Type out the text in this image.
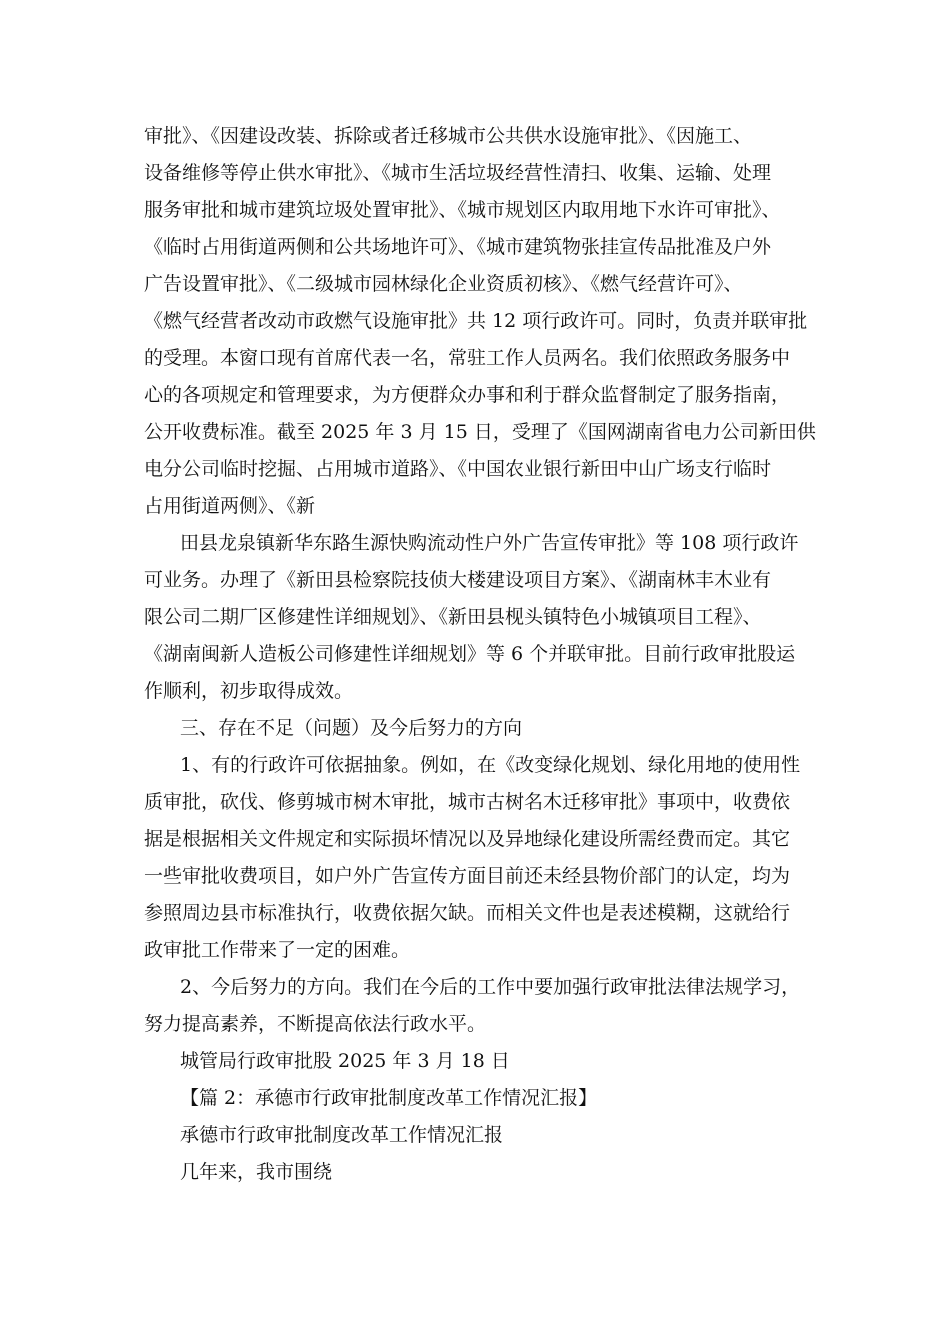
审批》、《因建设改装、拆除或者迁移城市公共供水设施审批》、《因施工、
设备维修等停止供水审批》、《城市生活垃圾经营性清扫、收集、运输、处理
服务审批和城市建筑垃圾处置审批》、《城市规划区内取用地下水许可审批》、
《临时占用街道两侧和公共场地许可》、《城市建筑物张挂宣传品批准及户外
广告设置审批》、《二级城市园林绿化企业资质初核》、《燃气经营许可》、
《燃气经营者改动市政燃气设施审批》共 12 项行政许可。同时，负责并联审批
的受理。本窗口现有首席代表一名，常驻工作人员两名。我们依照政务服务中
心的各项规定和管理要求，为方便群众办事和利于群众监督制定了服务指南，
公开收费标准。截至 2025 年 3 月 15 日，受理了《国网湖南省电力公司新田供
电分公司临时挖掘、占用城市道路》、《中国农业银行新田中山广场支行临时
占用街道两侧》、《新
田县龙泉镇新华东路生源快购流动性户外广告宣传审批》等 108 项行政许
可业务。办理了《新田县检察院技侦大楼建设项目方案》、《湖南林丰木业有
限公司二期厂区修建性详细规划》、《新田县枧头镇特色小城镇项目工程》、
《湖南闽新人造板公司修建性详细规划》等 6 个并联审批。目前行政审批股运
作顺利，初步取得成效。
三、存在不足（问题）及今后努力的方向
1、有的行政许可依据抽象。例如，在《改变绿化规划、绿化用地的使用性
质审批，砍伐、修剪城市树木审批，城市古树名木迁移审批》事项中，收费依
据是根据相关文件规定和实际损坏情况以及异地绿化建设所需经费而定。其它
一些审批收费项目，如户外广告宣传方面目前还未经县物价部门的认定，均为
参照周边县市标准执行，收费依据欠缺。而相关文件也是表述模糊，这就给行
政审批工作带来了一定的困难。
2、今后努力的方向。我们在今后的工作中要加强行政审批法律法规学习，
努力提高素养，不断提高依法行政水平。
城管局行政审批股 2025 年 3 月 18 日
【篇 2：承德市行政审批制度改革工作情况汇报】
承德市行政审批制度改革工作情况汇报
几年来，我市围绕
